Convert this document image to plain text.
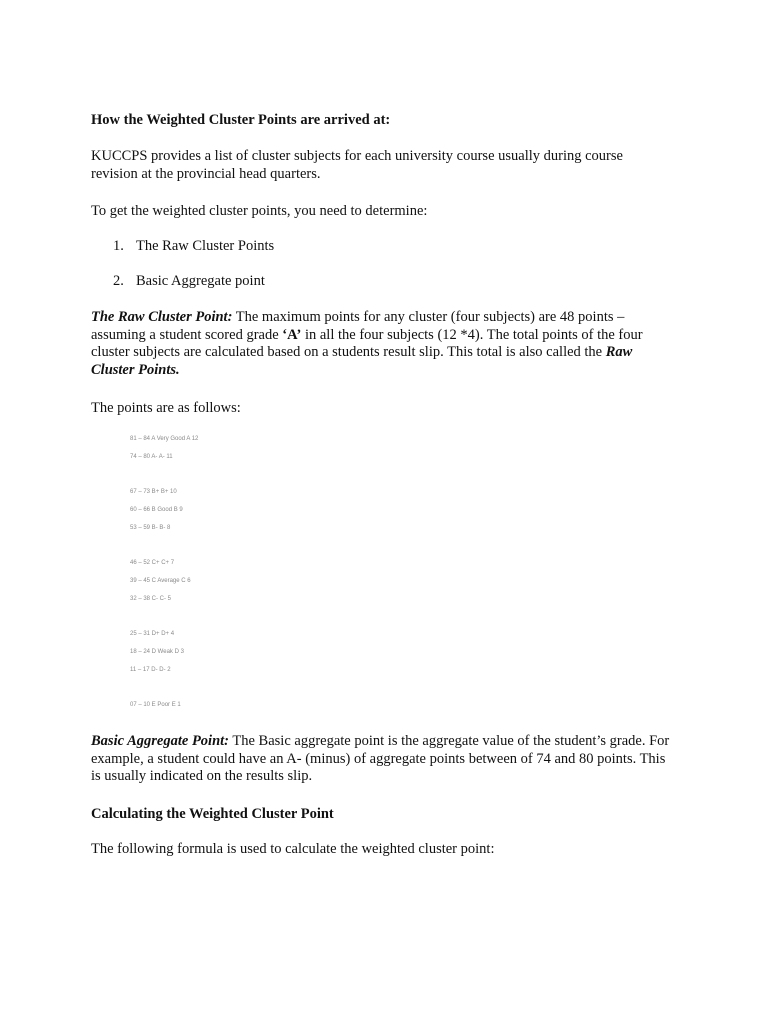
How the Weighted Cluster Points are arrived at:

KUCCPS provides a list of cluster subjects for each university course usually during course revision at the provincial head quarters.

To get the weighted cluster points, you need to determine:

1. The Raw Cluster Points
2. Basic Aggregate point

The Raw Cluster Point: The maximum points for any cluster (four subjects) are 48 points – assuming a student scored grade ‘A’ in all the four subjects (12 *4). The total points of the four cluster subjects are calculated based on a students result slip. This total is also called the Raw Cluster Points.

The points are as follows:

81 – 84 A Very Good A 12
74 – 80 A- A- 11
67 – 73 B+ B+ 10
60 – 66 B Good B 9
53 – 59 B- B- 8
46 – 52 C+ C+ 7
39 – 45 C Average C 6
32 – 38 C- C- 5
25 – 31 D+ D+ 4
18 – 24 D Weak D 3
11 – 17 D- D- 2
07 – 10 E Poor E 1

Basic Aggregate Point: The Basic aggregate point is the aggregate value of the student’s grade. For example, a student could have an A- (minus) of aggregate points between of 74 and 80 points. This is usually indicated on the results slip.

Calculating the Weighted Cluster Point

The following formula is used to calculate the weighted cluster point:
